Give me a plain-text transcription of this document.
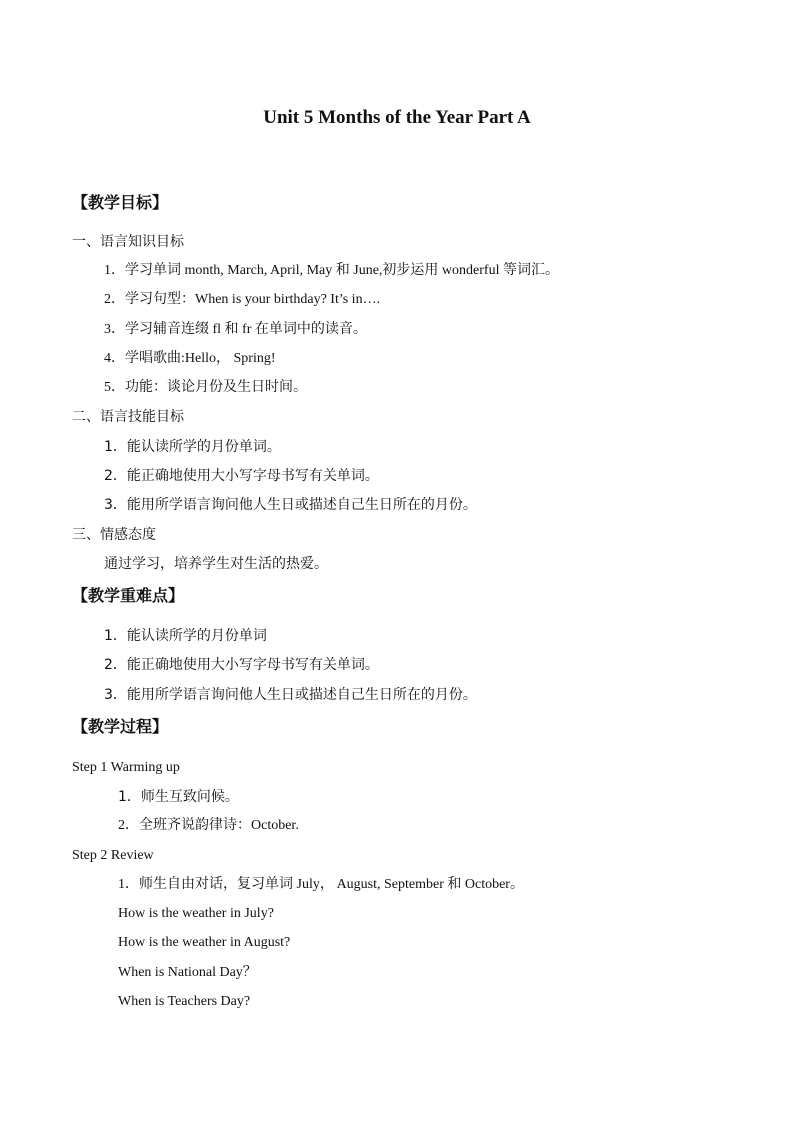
Unit 5 Months of the Year Part A
【教学目标】
一、语言知识目标
1．学习单词 month, March, April, May 和 June,初步运用 wonderful 等词汇。
2．学习句型：When is your birthday? It’s in….
3．学习辅音连缀 fl 和 fr 在单词中的读音。
4．学唱歌曲:Hello， Spring!
5．功能：谈论月份及生日时间。
二、语言技能目标
1．能认读所学的月份单词。
2．能正确地使用大小写字母书写有关单词。
3．能用所学语言询问他人生日或描述自己生日所在的月份。
三、情感态度
通过学习，培养学生对生活的热爱。
【教学重难点】
1．能认读所学的月份单词
2．能正确地使用大小写字母书写有关单词。
3．能用所学语言询问他人生日或描述自己生日所在的月份。
【教学过程】
Step 1 Warming up
1．师生互致问候。
2．全班齐说韵律诗：October.
Step 2 Review
1．师生自由对话，复习单词 July， August, September 和 October。
How is the weather in July?
How is the weather in August?
When is National Day？
When is Teachers Day?
